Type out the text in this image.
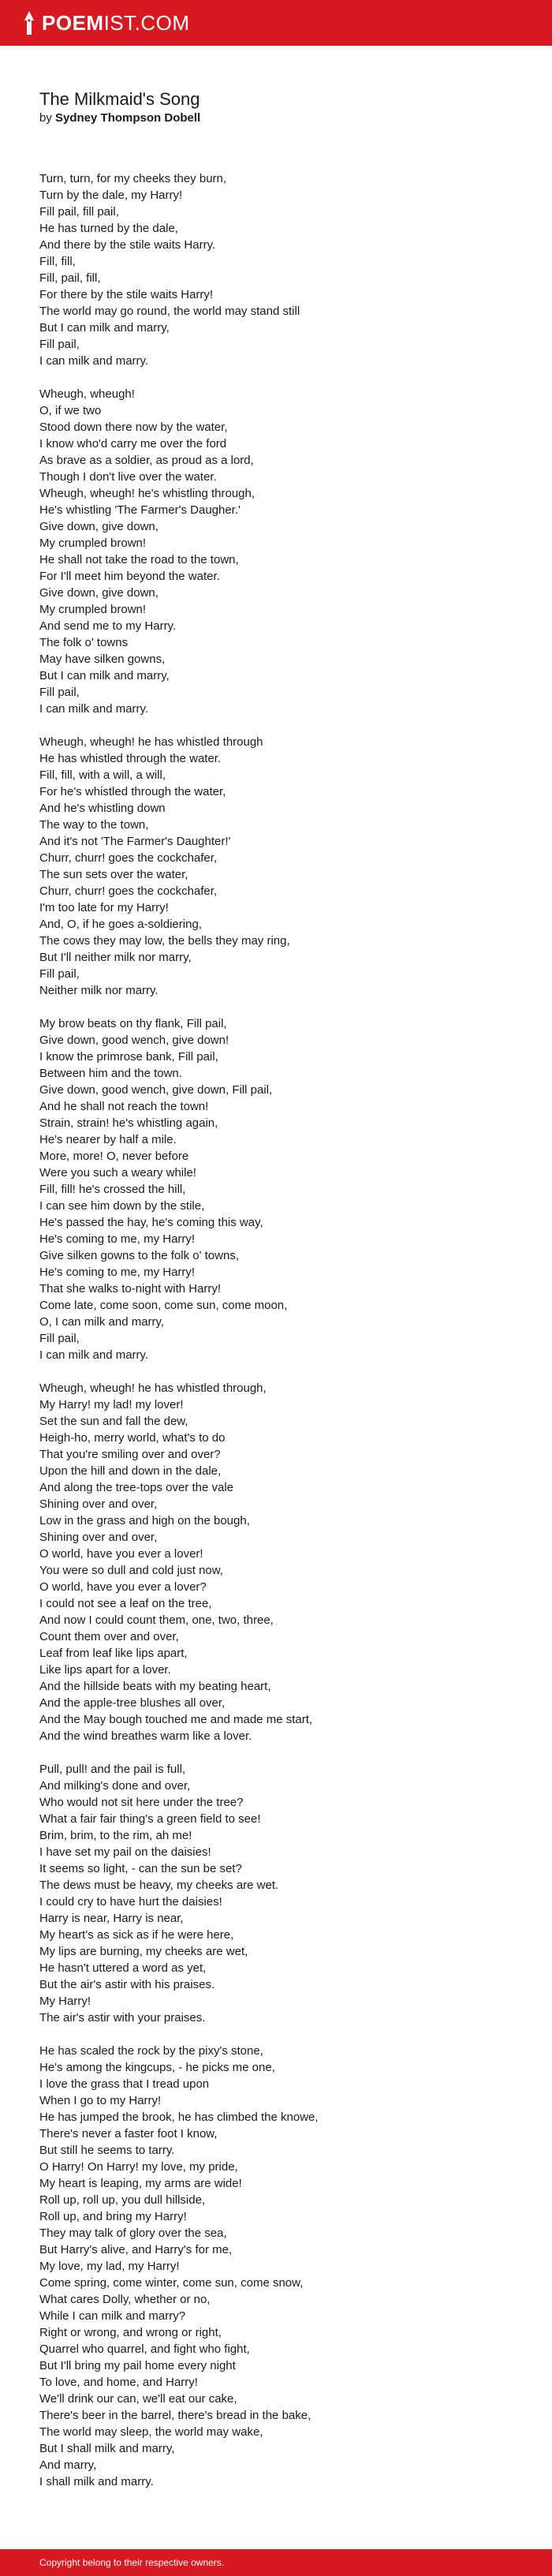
POEMIST.COM
The Milkmaid's Song

by Sydney Thompson Dobell

Turn, turn, for my cheeks they burn,
Turn by the dale, my Harry!
Fill pail, fill pail,
He has turned by the dale,
And there by the stile waits Harry.
Fill, fill,
Fill, pail, fill,
For there by the stile waits Harry!
The world may go round, the world may stand still
But I can milk and marry,
Fill pail,
I can milk and marry.
Wheugh, wheugh!
O, if we two
Stood down there now by the water,
I know who'd carry me over the ford
As brave as a soldier, as proud as a lord,
Though I don't live over the water.
Wheugh, wheugh! he's whistling through,
He's whistling 'The Farmer's Daugher.'
Give down, give down,
My crumpled brown!
He shall not take the road to the town,
For I'll meet him beyond the water.
Give down, give down,
My crumpled brown!
And send me to my Harry.
The folk o' towns
May have silken gowns,
But I can milk and marry,
Fill pail,
I can milk and marry.
Wheugh, wheugh! he has whistled through
He has whistled through the water.
Fill, fill, with a will, a will,
For he's whistled through the water,
And he's whistling down
The way to the town,
And it's not 'The Farmer's Daughter!'
Churr, churr! goes the cockchafer,
The sun sets over the water,
Churr, churr! goes the cockchafer,
I'm too late for my Harry!
And, O, if he goes a-soldiering,
The cows they may low, the bells they may ring,
But I'll neither milk nor marry,
Fill pail,
Neither milk nor marry.
My brow beats on thy flank, Fill pail,
Give down, good wench, give down!
I know the primrose bank, Fill pail,
Between him and the town.
Give down, good wench, give down, Fill pail,
And he shall not reach the town!
Strain, strain! he's whistling again,
He's nearer by half a mile.
More, more! O, never before
Were you such a weary while!
Fill, fill! he's crossed the hill,
I can see him down by the stile,
He's passed the hay, he's coming this way,
He's coming to me, my Harry!
Give silken gowns to the folk o' towns,
He's coming to me, my Harry!
That she walks to-night with Harry!
Come late, come soon, come sun, come moon,
O, I can milk and marry,
Fill pail,
I can milk and marry.
Wheugh, wheugh! he has whistled through,
My Harry! my lad! my lover!
Set the sun and fall the dew,
Heigh-ho, merry world, what's to do
That you're smiling over and over?
Upon the hill and down in the dale,
And along the tree-tops over the vale
Shining over and over,
Low in the grass and high on the bough,
Shining over and over,
O world, have you ever a lover!
You were so dull and cold just now,
O world, have you ever a lover?
I could not see a leaf on the tree,
And now I could count them, one, two, three,
Count them over and over,
Leaf from leaf like lips apart,
Like lips apart for a lover.
And the hillside beats with my beating heart,
And the apple-tree blushes all over,
And the May bough touched me and made me start,
And the wind breathes warm like a lover.
Pull, pull! and the pail is full,
And milking's done and over,
Who would not sit here under the tree?
What a fair fair thing's a green field to see!
Brim, brim, to the rim, ah me!
I have set my pail on the daisies!
It seems so light, - can the sun be set?
The dews must be heavy, my cheeks are wet.
I could cry to have hurt the daisies!
Harry is near, Harry is near,
My heart's as sick as if he were here,
My lips are burning, my cheeks are wet,
He hasn't uttered a word as yet,
But the air's astir with his praises.
My Harry!
The air's astir with your praises.
He has scaled the rock by the pixy's stone,
He's among the kingcups, - he picks me one,
I love the grass that I tread upon
When I go to my Harry!
He has jumped the brook, he has climbed the knowe,
There's never a faster foot I know,
But still he seems to tarry.
O Harry! On Harry! my love, my pride,
My heart is leaping, my arms are wide!
Roll up, roll up, you dull hillside,
Roll up, and bring my Harry!
They may talk of glory over the sea,
But Harry's alive, and Harry's for me,
My love, my lad, my Harry!
Come spring, come winter, come sun, come snow,
What cares Dolly, whether or no,
While I can milk and marry?
Right or wrong, and wrong or right,
Quarrel who quarrel, and fight who fight,
But I'll bring my pail home every night
To love, and home, and Harry!
We'll drink our can, we'll eat our cake,
There's beer in the barrel, there's bread in the bake,
The world may sleep, the world may wake,
But I shall milk and marry,
And marry,
I shall milk and marry.
Copyright belong to their respective owners.
